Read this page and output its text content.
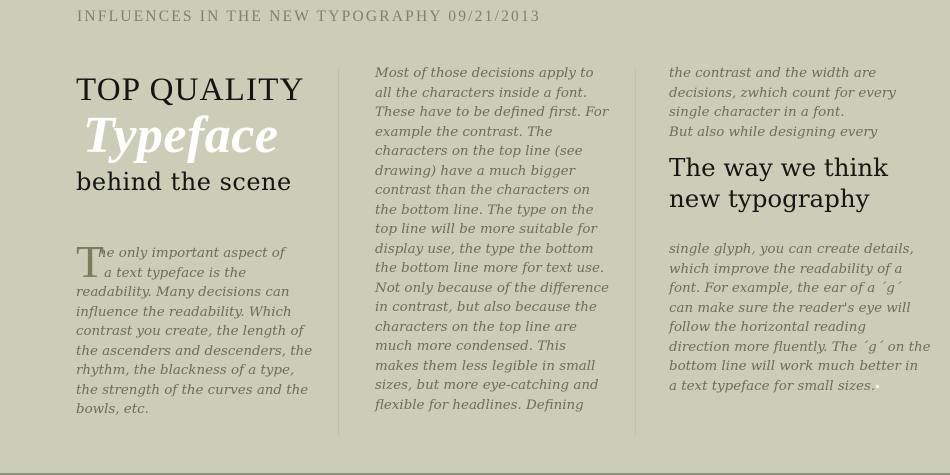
INFLUENCES IN THE NEW TYPOGRAPHY 09/21/2013
TOP QUALITY
Typeface
behind the scene
T
he only important aspect of
a text typeface is the
readability. Many decisions can
influence the readability. Which
contrast you create, the length of
the ascenders and descenders, the
rhythm, the blackness of a type,
the strength of the curves and the
bowls, etc.
Most of those decisions apply to
all the characters inside a font.
These have to be defined first. For
example the contrast. The
characters on the top line (see
drawing) have a much bigger
contrast than the characters on
the bottom line. The type on the
top line will be more suitable for
display use, the type the bottom
the bottom line more for text use.
Not only because of the difference
in contrast, but also because the
characters on the top line are
much more condensed. This
makes them less legible in small
sizes, but more eye-catching and
flexible for headlines. Defining
the contrast and the width are
decisions, zwhich count for every
single character in a font.
But also while designing every
The way we think
new typography
single glyph, you can create details,
which improve the readability of a
font. For example, the ear of a ´g´
can make sure the reader's eye will
follow the horizontal reading
direction more fluently. The ´g´ on the
bottom line will work much better in
a text typeface for small sizes.
